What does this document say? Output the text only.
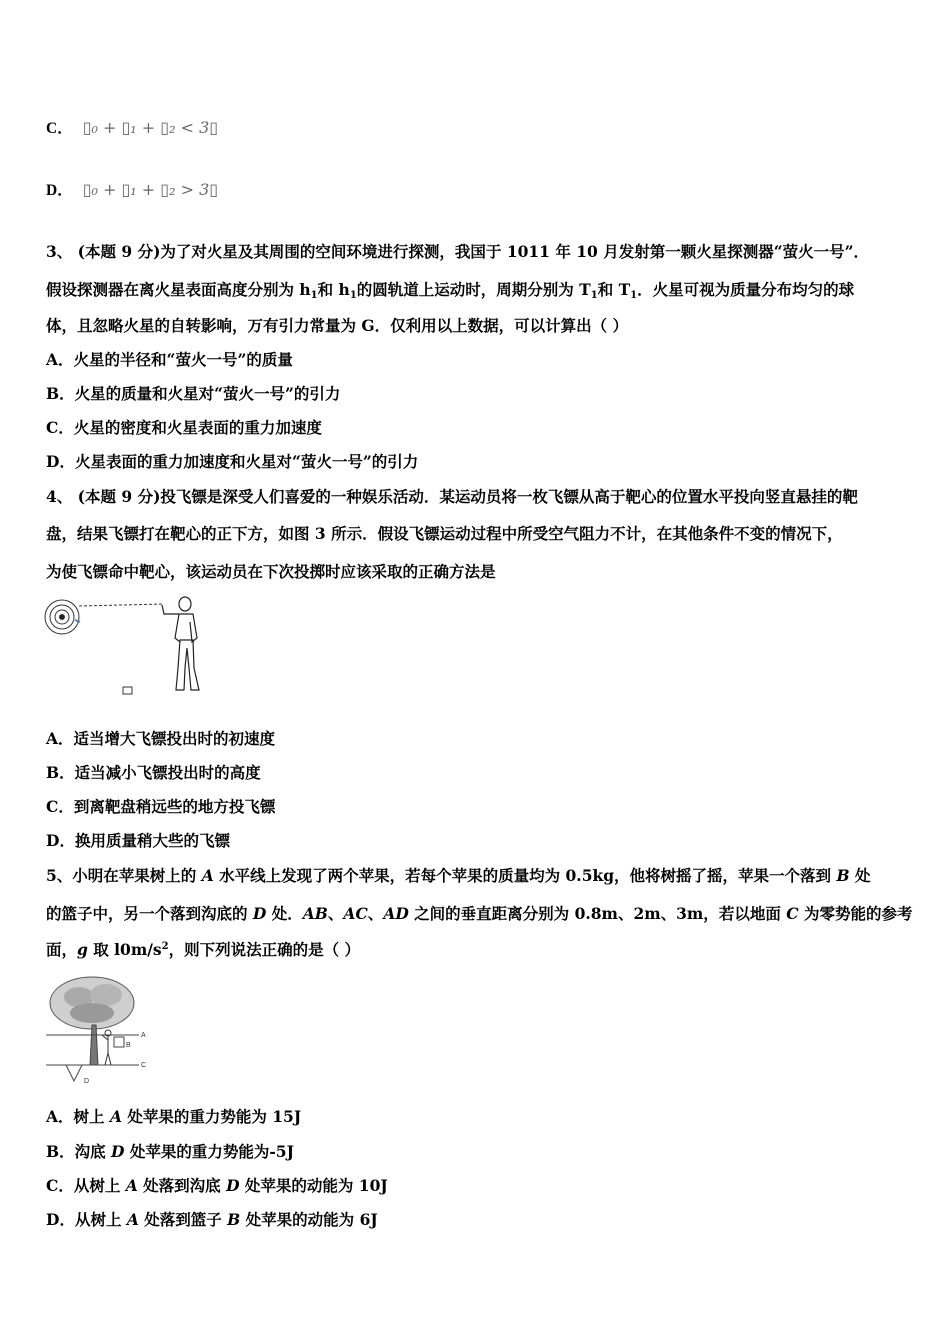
C． ▯₀ + ▯₁ + ▯₂ < 3▯
D． ▯₀ + ▯₁ + ▯₂ > 3▯
3、 (本题 9 分)为了对火星及其周围的空间环境进行探测，我国于 1011 年 10 月发射第一颗火星探测器“萤火一号”．
假设探测器在离火星表面高度分别为 $h_1$和 $h_1$的圆轨道上运动时，周期分别为 $T_1$和 $T_1$．火星可视为质量分布均匀的球
体，且忽略火星的自转影响，万有引力常量为 G．仅利用以上数据，可以计算出（ ）
A．火星的半径和“萤火一号”的质量
B．火星的质量和火星对“萤火一号”的引力
C．火星的密度和火星表面的重力加速度
D．火星表面的重力加速度和火星对“萤火一号”的引力
4、 (本题 9 分)投飞镖是深受人们喜爱的一种娱乐活动．某运动员将一枚飞镖从高于靶心的位置水平投向竖直悬挂的靶
盘，结果飞镖打在靶心的正下方，如图 3 所示．假设飞镖运动过程中所受空气阻力不计，在其他条件不变的情况下，
为使飞镖命中靶心，该运动员在下次投掷时应该采取的正确方法是
A．适当增大飞镖投出时的初速度
B．适当减小飞镖投出时的高度
C．到离靶盘稍远些的地方投飞镖
D．换用质量稍大些的飞镖
5、小明在苹果树上的 A 水平线上发现了两个苹果，若每个苹果的质量均为 0.5kg，他将树摇了摇，苹果一个落到 B 处
的篮子中，另一个落到沟底的 D 处．AB、AC、AD 之间的垂直距离分别为 0.8m、2m、3m，若以地面 C 为零势能的参考
面，g 取 $l0m/s^2$，则下列说法正确的是（ ）
A
B
C
D
A．树上 A 处苹果的重力势能为 15J
B．沟底 D 处苹果的重力势能为-5J
C．从树上 A 处落到沟底 D 处苹果的动能为 10J
D．从树上 A 处落到篮子 B 处苹果的动能为 6J
